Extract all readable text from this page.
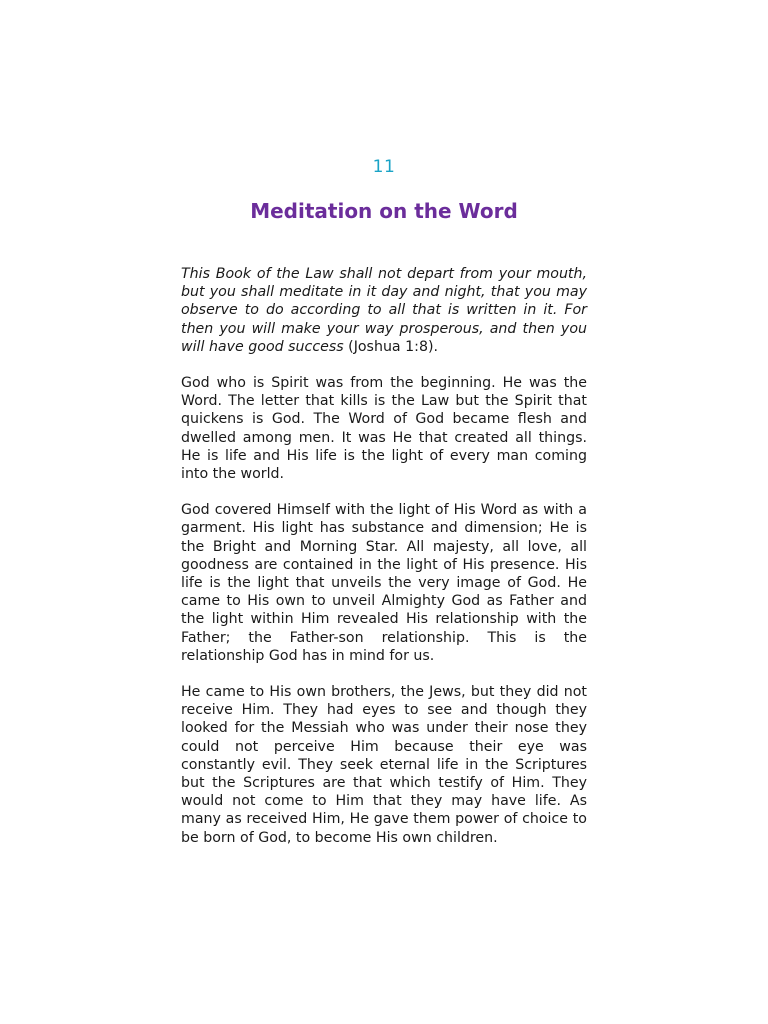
11
Meditation on the Word

This Book of the Law shall not depart from your mouth, but you shall meditate in it day and night, that you may observe to do according to all that is written in it. For then you will make your way prosperous, and then you will have good success (Joshua 1:8).

God who is Spirit was from the beginning. He was the Word. The letter that kills is the Law but the Spirit that quickens is God. The Word of God became flesh and dwelled among men. It was He that created all things. He is life and His life is the light of every man coming into the world.

God covered Himself with the light of His Word as with a garment. His light has substance and dimension; He is the Bright and Morning Star. All majesty, all love, all goodness are contained in the light of His presence. His life is the light that unveils the very image of God. He came to His own to unveil Almighty God as Father and the light within Him revealed His relationship with the Father; the Father-son relationship. This is the relationship God has in mind for us.

He came to His own brothers, the Jews, but they did not receive Him. They had eyes to see and though they looked for the Messiah who was under their nose they could not perceive Him because their eye was constantly evil. They seek eternal life in the Scriptures but the Scriptures are that which testify of Him. They would not come to Him that they may have life. As many as received Him, He gave them power of choice to be born of God, to become His own children.
